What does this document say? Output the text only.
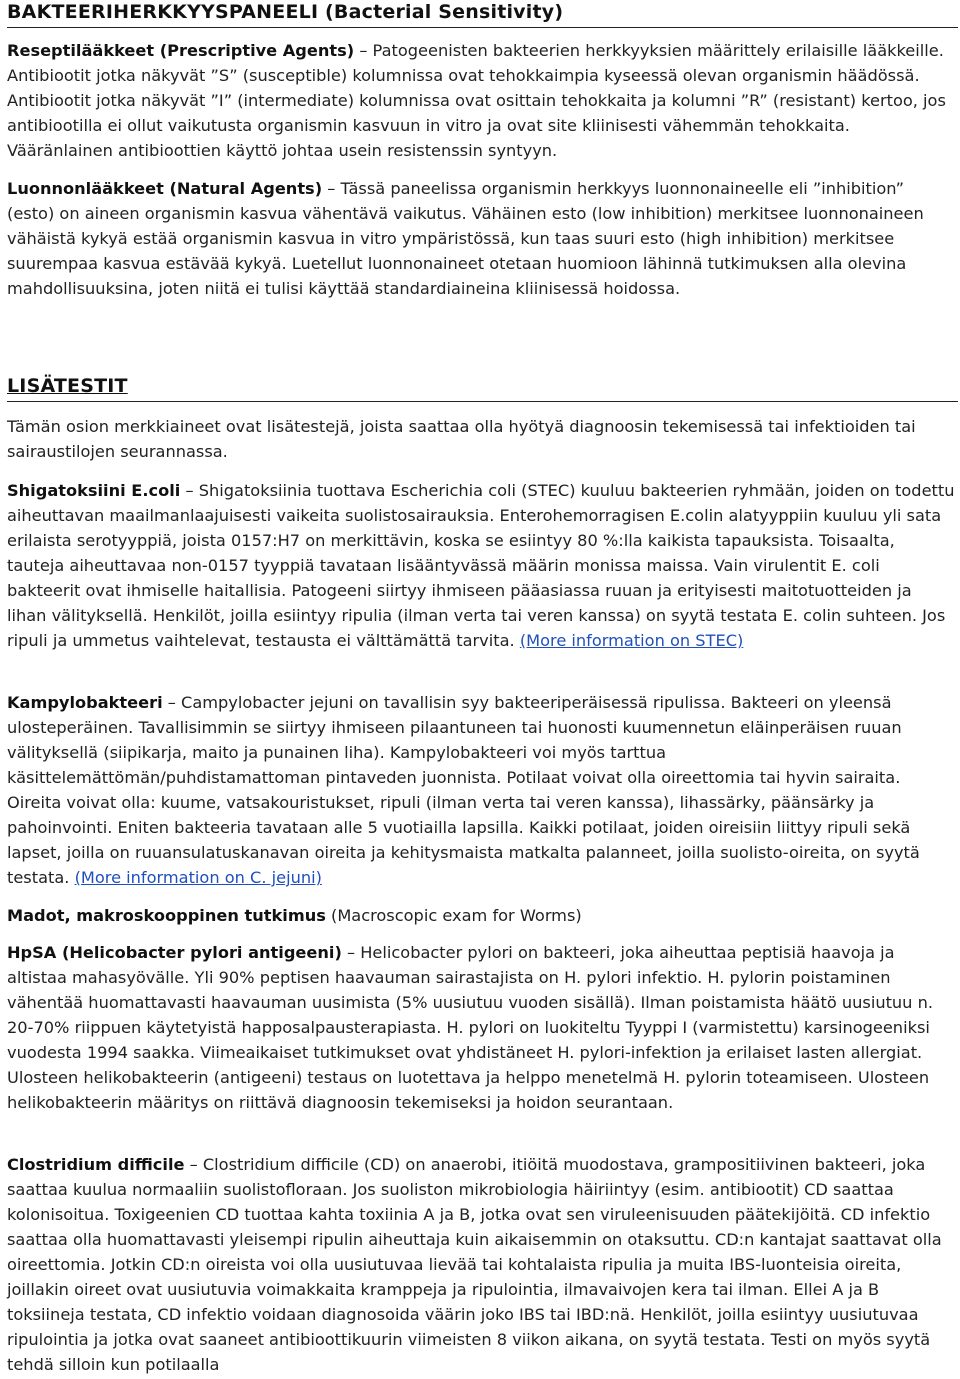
BAKTEERIHERKKYYSPANEELI (Bacterial Sensitivity)

Reseptilääkkeet (Prescriptive Agents) – Patogeenisten bakteerien herkkyyksien määrittely erilaisille lääkkeille. Antibiootit jotka näkyvät ”S” (susceptible) kolumnissa ovat tehokkaimpia kyseessä olevan organismin häädössä. Antibiootit jotka näkyvät ”I” (intermediate) kolumnissa ovat osittain tehokkaita ja kolumni ”R” (resistant) kertoo, jos antibiootilla ei ollut vaikutusta organismin kasvuun in vitro ja ovat site kliinisesti vähemmän tehokkaita. Vääränlainen antibioottien käyttö johtaa usein resistenssin syntyyn.

Luonnonlääkkeet (Natural Agents) – Tässä paneelissa organismin herkkyys luonnonaineelle eli ”inhibition” (esto) on aineen organismin kasvua vähentävä vaikutus. Vähäinen esto (low inhibition) merkitsee luonnonaineen vähäistä kykyä estää organismin kasvua in vitro ympäristössä, kun taas suuri esto (high inhibition) merkitsee suurempaa kasvua estävää kykyä. Luetellut luonnonaineet otetaan huomioon lähinnä tutkimuksen alla olevina mahdollisuuksina, joten niitä ei tulisi käyttää standardiaineina kliinisessä hoidossa.

LISÄTESTIT

Tämän osion merkkiaineet ovat lisätestejä, joista saattaa olla hyötyä diagnoosin tekemisessä tai infektioiden tai sairaustilojen seurannassa.

Shigatoksiini E.coli – Shigatoksiinia tuottava Escherichia coli (STEC) kuuluu bakteerien ryhmään, joiden on todettu aiheuttavan maailmanlaajuisesti vaikeita suolistosairauksia. Enterohemorragisen E.colin alatyyppiin kuuluu yli sata erilaista serotyyppiä, joista 0157:H7 on merkittävin, koska se esiintyy 80 %:lla kaikista tapauksista. Toisaalta, tauteja aiheuttavaa non-0157 tyyppiä tavataan lisääntyvässä määrin monissa maissa. Vain virulentit E. coli bakteerit ovat ihmiselle haitallisia. Patogeeni siirtyy ihmiseen pääasiassa ruuan ja erityisesti maitotuotteiden ja lihan välityksellä. Henkilöt, joilla esiintyy ripulia (ilman verta tai veren kanssa) on syytä testata E. colin suhteen. Jos ripuli ja ummetus vaihtelevat, testausta ei välttämättä tarvita. (More information on STEC)

Kampylobakteeri – Campylobacter jejuni on tavallisin syy bakteeriperäisessä ripulissa. Bakteeri on yleensä ulosteperäinen. Tavallisimmin se siirtyy ihmiseen pilaantuneen tai huonosti kuumennetun eläinperäisen ruuan välityksellä (siipikarja, maito ja punainen liha). Kampylobakteeri voi myös tarttua käsittelemättömän/puhdistamattoman pintaveden juonnista. Potilaat voivat olla oireettomia tai hyvin sairaita. Oireita voivat olla: kuume, vatsakouristukset, ripuli (ilman verta tai veren kanssa), lihassärky, päänsärky ja pahoinvointi. Eniten bakteeria tavataan alle 5 vuotiailla lapsilla. Kaikki potilaat, joiden oireisiin liittyy ripuli sekä lapset, joilla on ruuansulatuskanavan oireita ja kehitysmaista matkalta palanneet, joilla suolisto-oireita, on syytä testata. (More information on C. jejuni)

Madot, makroskooppinen tutkimus (Macroscopic exam for Worms)

HpSA (Helicobacter pylori antigeeni) – Helicobacter pylori on bakteeri, joka aiheuttaa peptisiä haavoja ja altistaa mahasyövälle. Yli 90% peptisen haavauman sairastajista on H. pylori infektio. H. pylorin poistaminen vähentää huomattavasti haavauman uusimista (5% uusiutuu vuoden sisällä). Ilman poistamista häätö uusiutuu n. 20-70% riippuen käytetyistä happosalpausterapiasta. H. pylori on luokiteltu Tyyppi I (varmistettu) karsinogeeniksi vuodesta 1994 saakka. Viimeaikaiset tutkimukset ovat yhdistäneet H. pylori-infektion ja erilaiset lasten allergiat. Ulosteen helikobakteerin (antigeeni) testaus on luotettava ja helppo menetelmä H. pylorin toteamiseen. Ulosteen helikobakteerin määritys on riittävä diagnoosin tekemiseksi ja hoidon seurantaan.

Clostridium difficile – Clostridium difficile (CD) on anaerobi, itiöitä muodostava, grampositiivinen bakteeri, joka saattaa kuulua normaaliin suolistofloraan. Jos suoliston mikrobiologia häiriintyy (esim. antibiootit) CD saattaa kolonisoitua. Toxigeenien CD tuottaa kahta toxiinia A ja B, jotka ovat sen viruleenisuuden päätekijöitä. CD infektio saattaa olla huomattavasti yleisempi ripulin aiheuttaja kuin aikaisemmin on otaksuttu. CD:n kantajat saattavat olla oireettomia. Jotkin CD:n oireista voi olla uusiutuvaa lievää tai kohtalaista ripulia ja muita IBS-luonteisia oireita, joillakin oireet ovat uusiutuvia voimakkaita kramppeja ja ripulointia, ilmavaivojen kera tai ilman. Ellei A ja B toksiineja testata, CD infektio voidaan diagnosoida väärin joko IBS tai IBD:nä. Henkilöt, joilla esiintyy uusiutuvaa ripulointia ja jotka ovat saaneet antibioottikuurin viimeisten 8 viikon aikana, on syytä testata. Testi on myös syytä tehdä silloin kun potilaalla
